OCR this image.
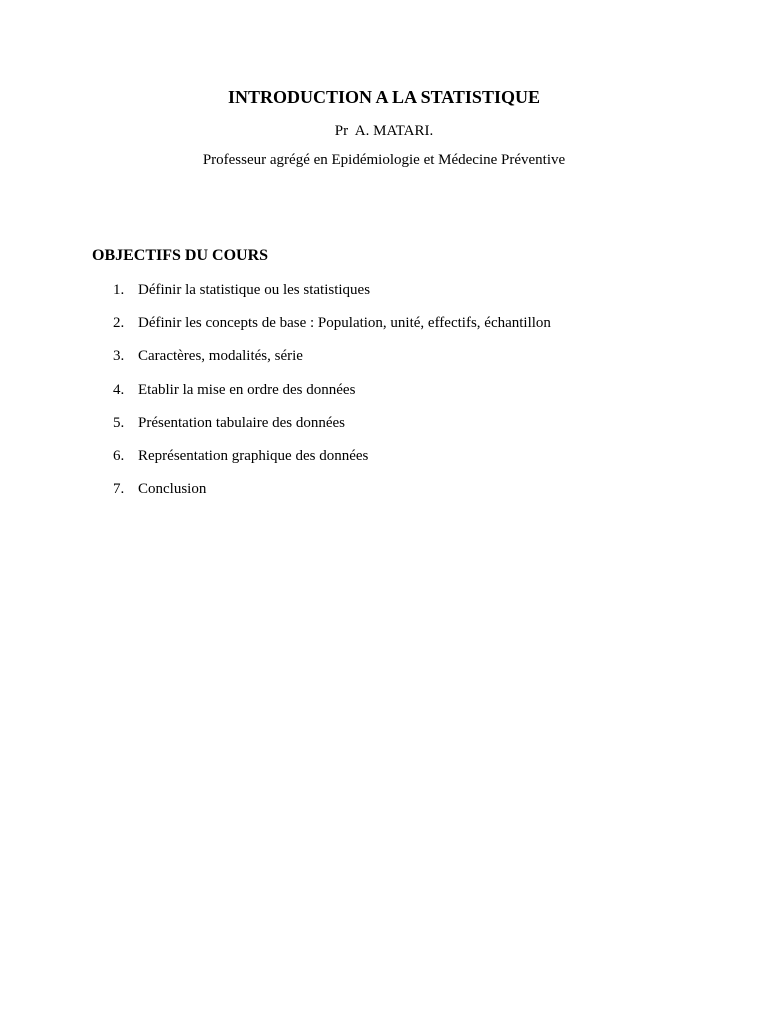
INTRODUCTION A LA STATISTIQUE

Pr  A. MATARI.

Professeur agrégé en Epidémiologie et Médecine Préventive

OBJECTIFS DU COURS
1. Définir la statistique ou les statistiques
2. Définir les concepts de base : Population, unité, effectifs, échantillon
3. Caractères, modalités, série
4. Etablir la mise en ordre des données
5. Présentation tabulaire des données
6. Représentation graphique des données
7. Conclusion
